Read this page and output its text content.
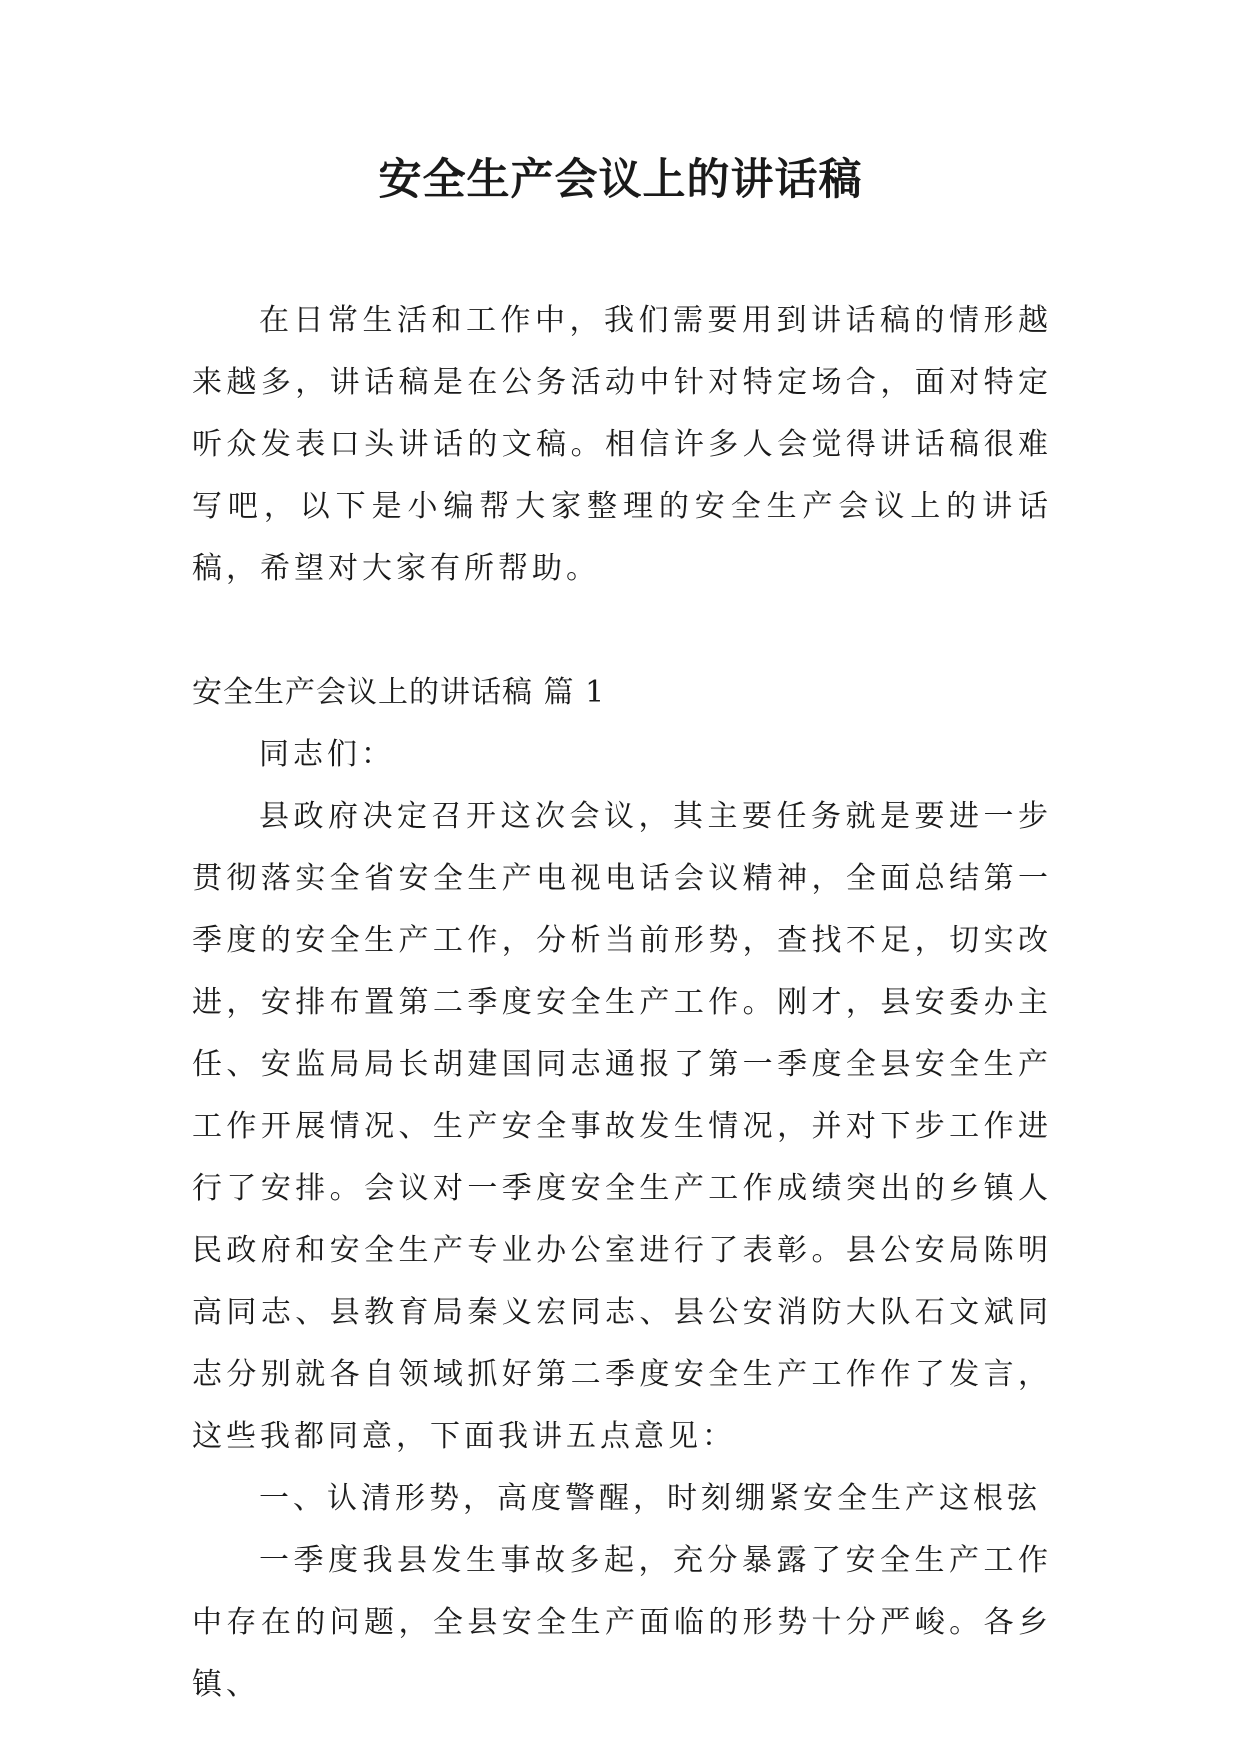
安全生产会议上的讲话稿

在日常生活和工作中，我们需要用到讲话稿的情形越来越多，讲话稿是在公务活动中针对特定场合，面对特定听众发表口头讲话的文稿。相信许多人会觉得讲话稿很难写吧，以下是小编帮大家整理的安全生产会议上的讲话稿，希望对大家有所帮助。

安全生产会议上的讲话稿 篇 1

同志们：

县政府决定召开这次会议，其主要任务就是要进一步贯彻落实全省安全生产电视电话会议精神，全面总结第一季度的安全生产工作，分析当前形势，查找不足，切实改进，安排布置第二季度安全生产工作。刚才，县安委办主任、安监局局长胡建国同志通报了第一季度全县安全生产工作开展情况、生产安全事故发生情况，并对下步工作进行了安排。会议对一季度安全生产工作成绩突出的乡镇人民政府和安全生产专业办公室进行了表彰。县公安局陈明高同志、县教育局秦义宏同志、县公安消防大队石文斌同志分别就各自领域抓好第二季度安全生产工作作了发言，这些我都同意，下面我讲五点意见：

一、认清形势，高度警醒，时刻绷紧安全生产这根弦

一季度我县发生事故多起，充分暴露了安全生产工作中存在的问题，全县安全生产面临的形势十分严峻。各乡镇、
